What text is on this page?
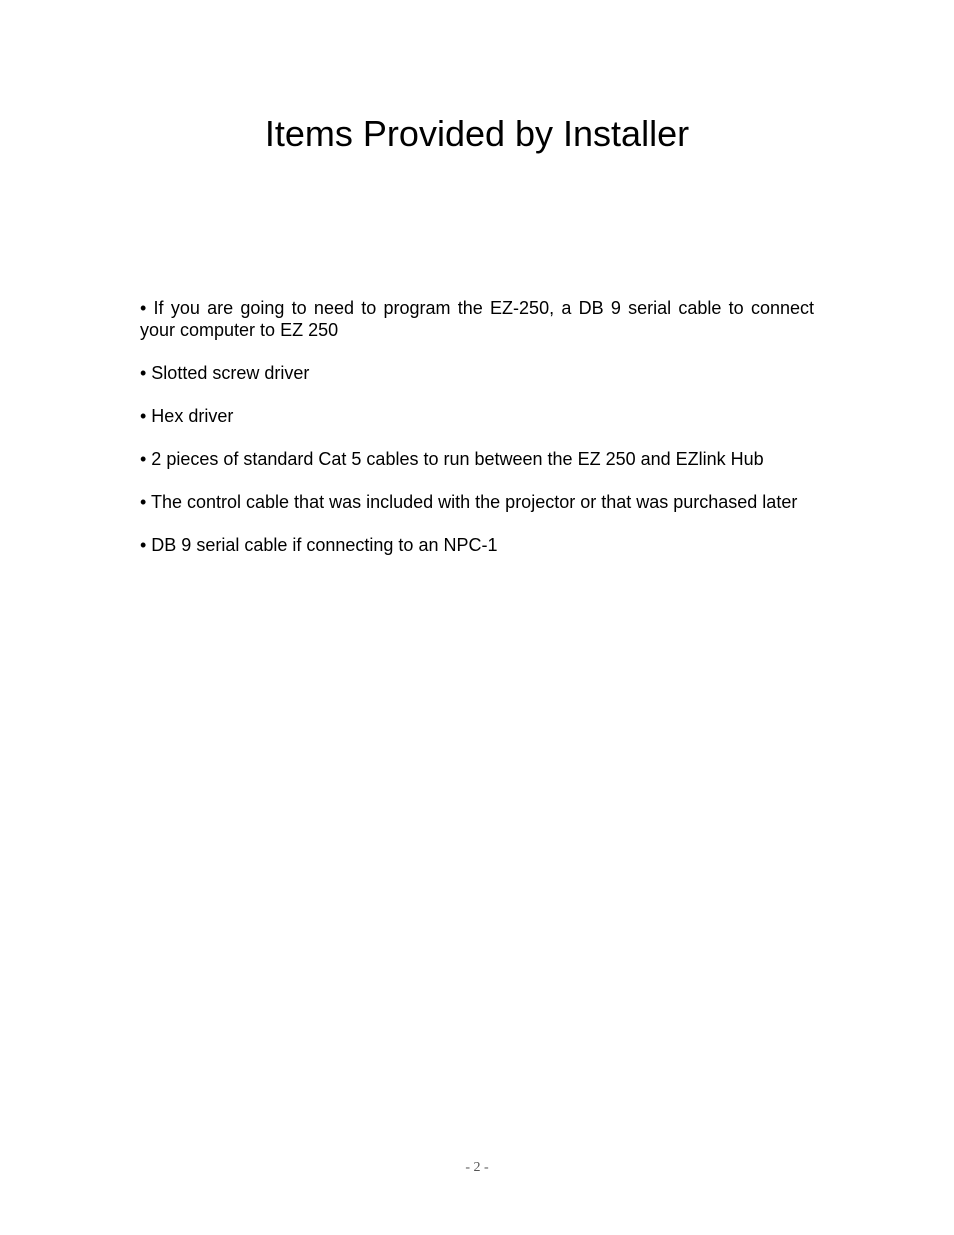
Items Provided by Installer
• If you are going to need to program the EZ-250, a DB 9 serial cable to connect your computer to EZ 250
• Slotted screw driver
• Hex driver
• 2 pieces of standard Cat 5 cables to run between the EZ 250 and EZlink Hub
• The control cable that was included with the projector or that was purchased later
• DB 9 serial cable if connecting to an NPC-1
- 2 -
